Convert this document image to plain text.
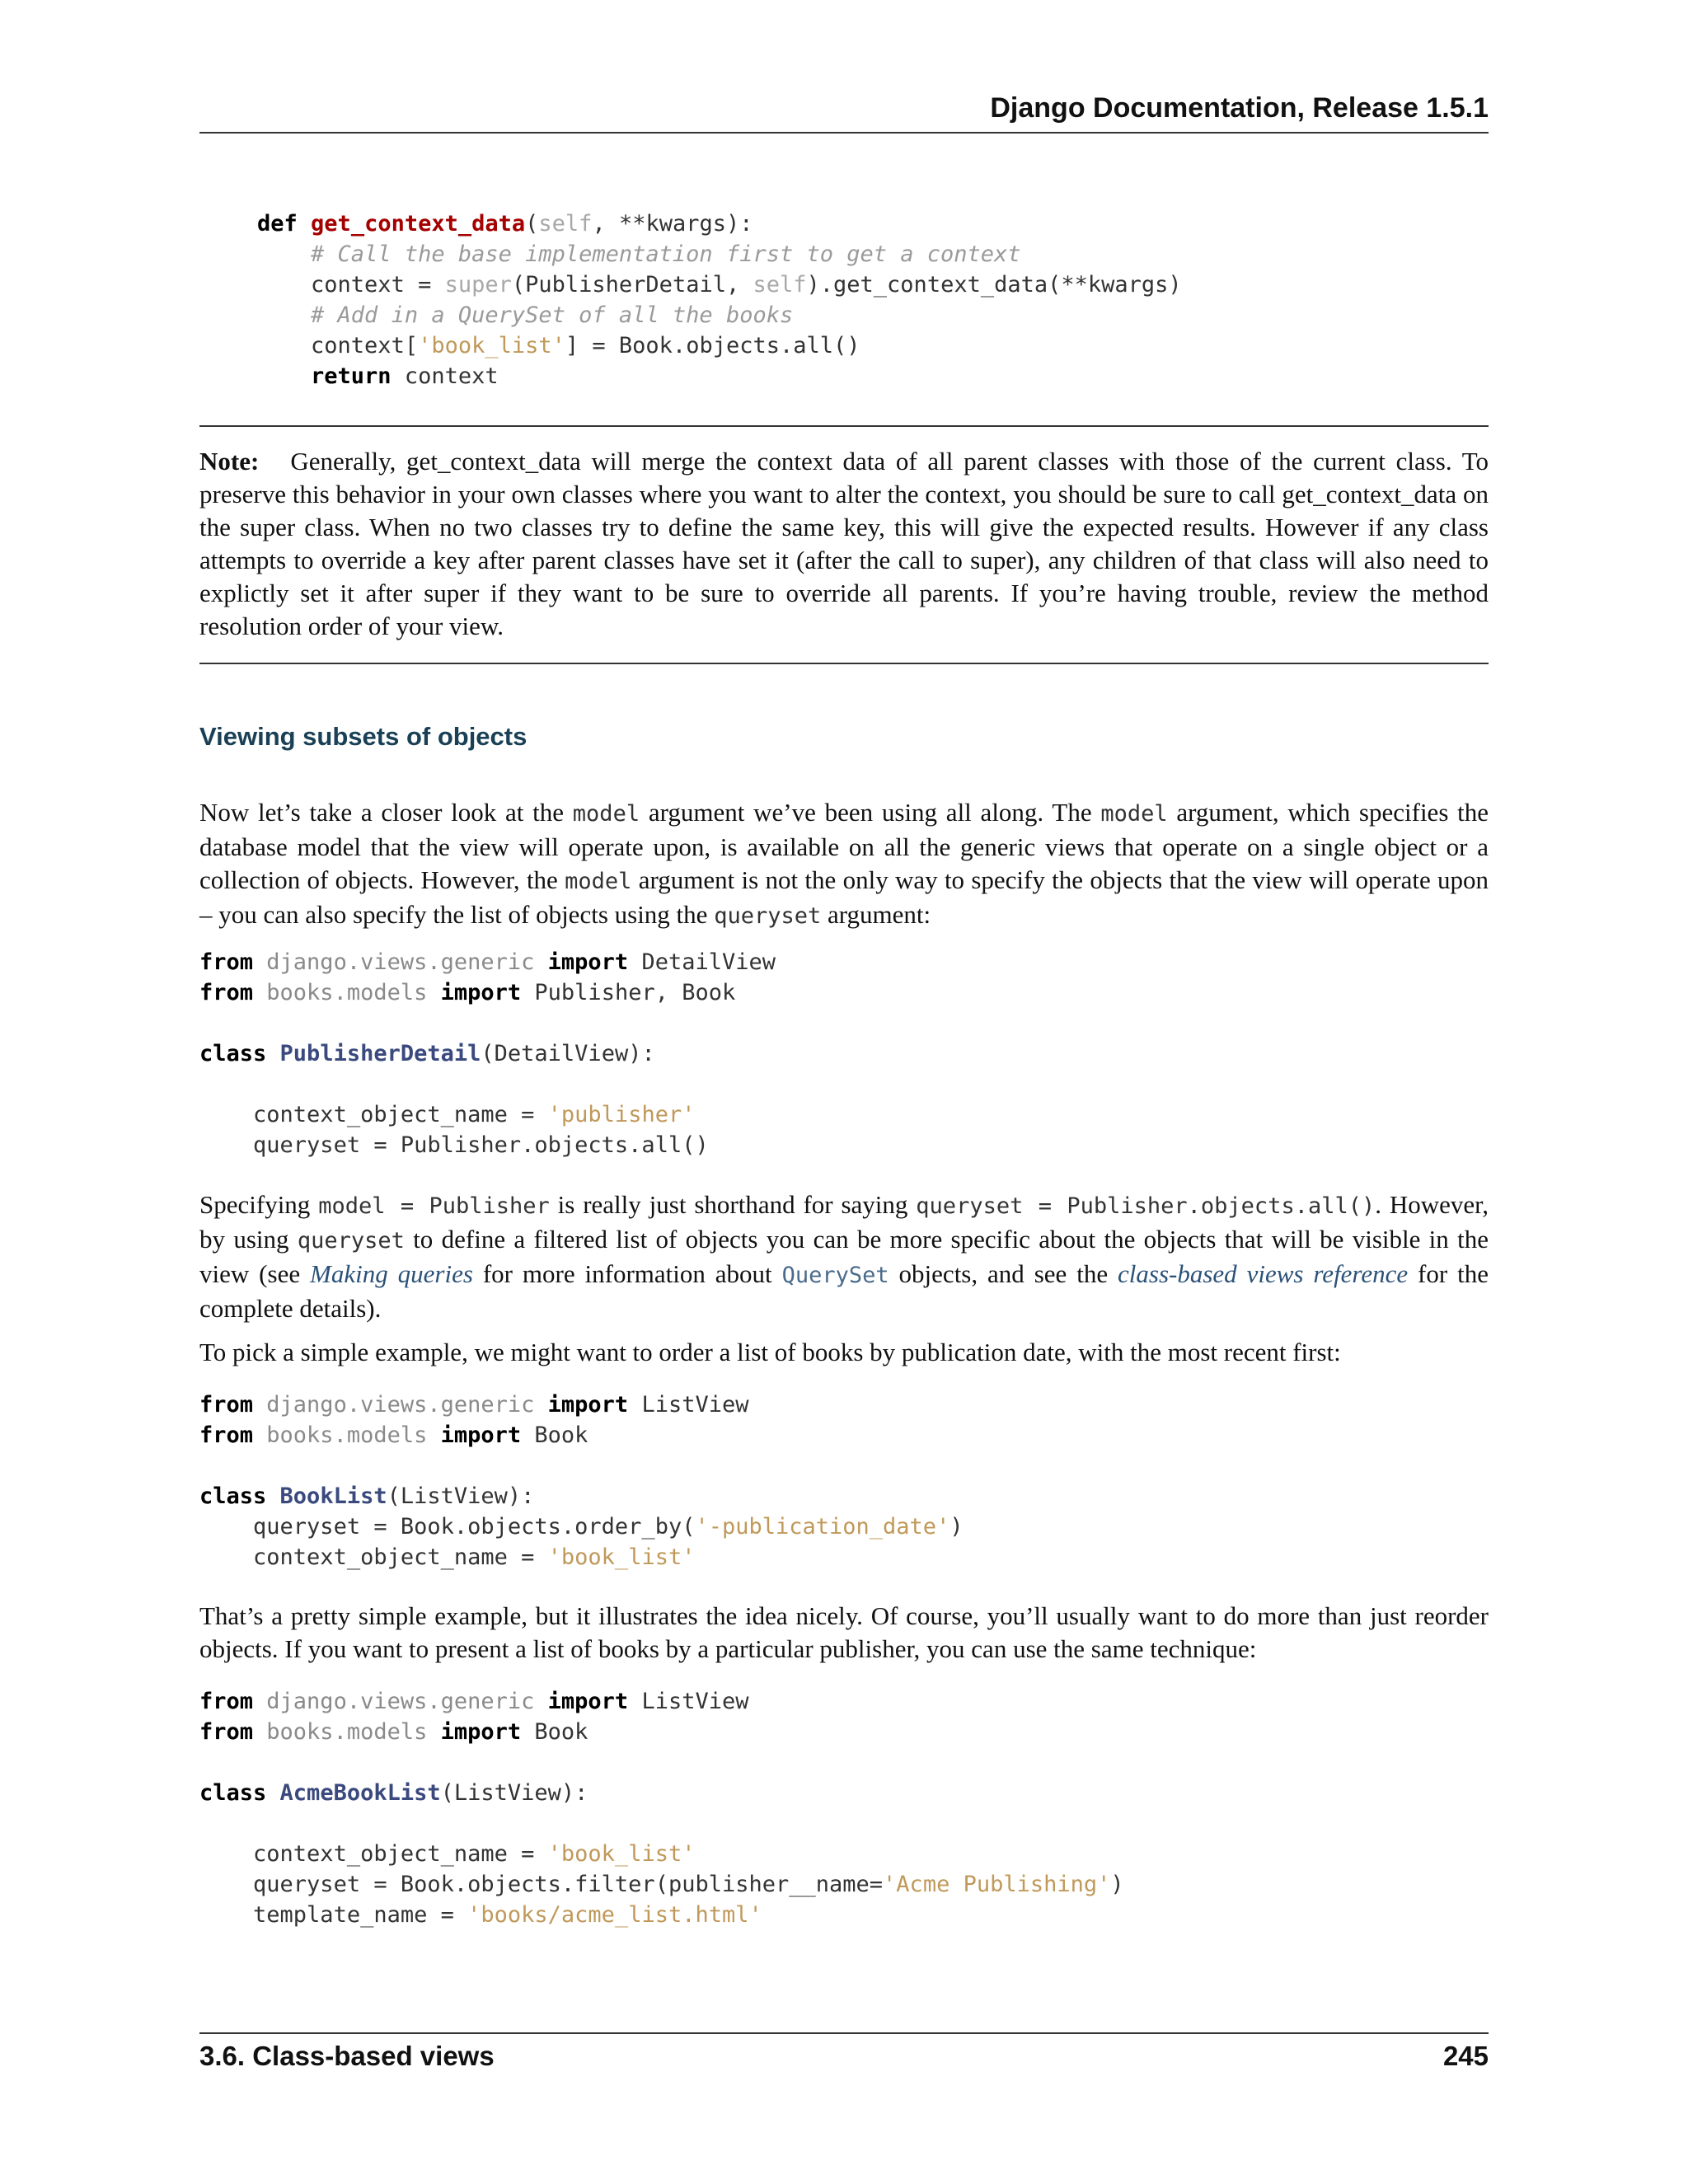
Django Documentation, Release 1.5.1
def get_context_data(self, **kwargs):
# Call the base implementation first to get a context
context = super(PublisherDetail, self).get_context_data(**kwargs)
# Add in a QuerySet of all the books
context['book_list'] = Book.objects.all()
return context

Note: Generally, get_context_data will merge the context data of all parent classes with those of the current class. To preserve this behavior in your own classes where you want to alter the context, you should be sure to call get_context_data on the super class. When no two classes try to define the same key, this will give the expected results. However if any class attempts to override a key after parent classes have set it (after the call to super), any children of that class will also need to explictly set it after super if they want to be sure to override all parents. If you’re having trouble, review the method resolution order of your view.

Viewing subsets of objects

Now let’s take a closer look at the model argument we’ve been using all along. The model argument, which specifies the database model that the view will operate upon, is available on all the generic views that operate on a single object or a collection of objects. However, the model argument is not the only way to specify the objects that the view will operate upon – you can also specify the list of objects using the queryset argument:

from django.views.generic import DetailView
from books.models import Publisher, Book

class PublisherDetail(DetailView):

context_object_name = 'publisher'
queryset = Publisher.objects.all()

Specifying model = Publisher is really just shorthand for saying queryset = Publisher.objects.all(). However, by using queryset to define a filtered list of objects you can be more specific about the objects that will be visible in the view (see Making queries for more information about QuerySet objects, and see the class-based views reference for the complete details).

To pick a simple example, we might want to order a list of books by publication date, with the most recent first:

from django.views.generic import ListView
from books.models import Book

class BookList(ListView):
queryset = Book.objects.order_by('-publication_date')
context_object_name = 'book_list'

That’s a pretty simple example, but it illustrates the idea nicely. Of course, you’ll usually want to do more than just reorder objects. If you want to present a list of books by a particular publisher, you can use the same technique:

from django.views.generic import ListView
from books.models import Book

class AcmeBookList(ListView):

context_object_name = 'book_list'
queryset = Book.objects.filter(publisher__name='Acme Publishing')
template_name = 'books/acme_list.html'
3.6. Class-based views	245
